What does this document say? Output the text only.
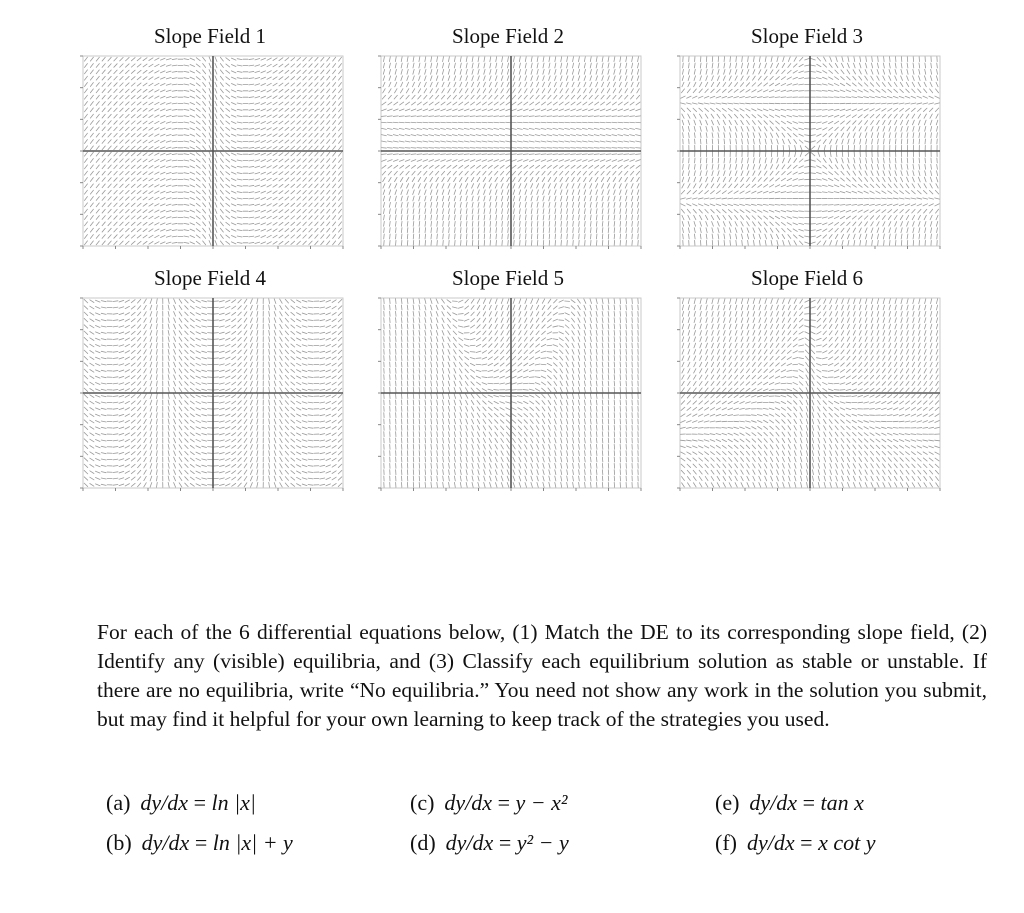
Slope Field 1	Slope Field 2	Slope Field 3
Slope Field 4	Slope Field 5	Slope Field 6
For each of the 6 differential equations below, (1) Match the DE to its corresponding slope field, (2) Identify any (visible) equilibria, and (3) Classify each equilibrium solution as stable or unstable. If there are no equilibria, write “No equilibria.” You need not show any work in the solution you submit, but may find it helpful for your own learning to keep track of the strategies you used.
(a) dy/dx = ln |x|
(b) dy/dx = ln |x| + y
(c) dy/dx = y − x²
(d) dy/dx = y² − y
(e) dy/dx = tan x
(f) dy/dx = x cot y
